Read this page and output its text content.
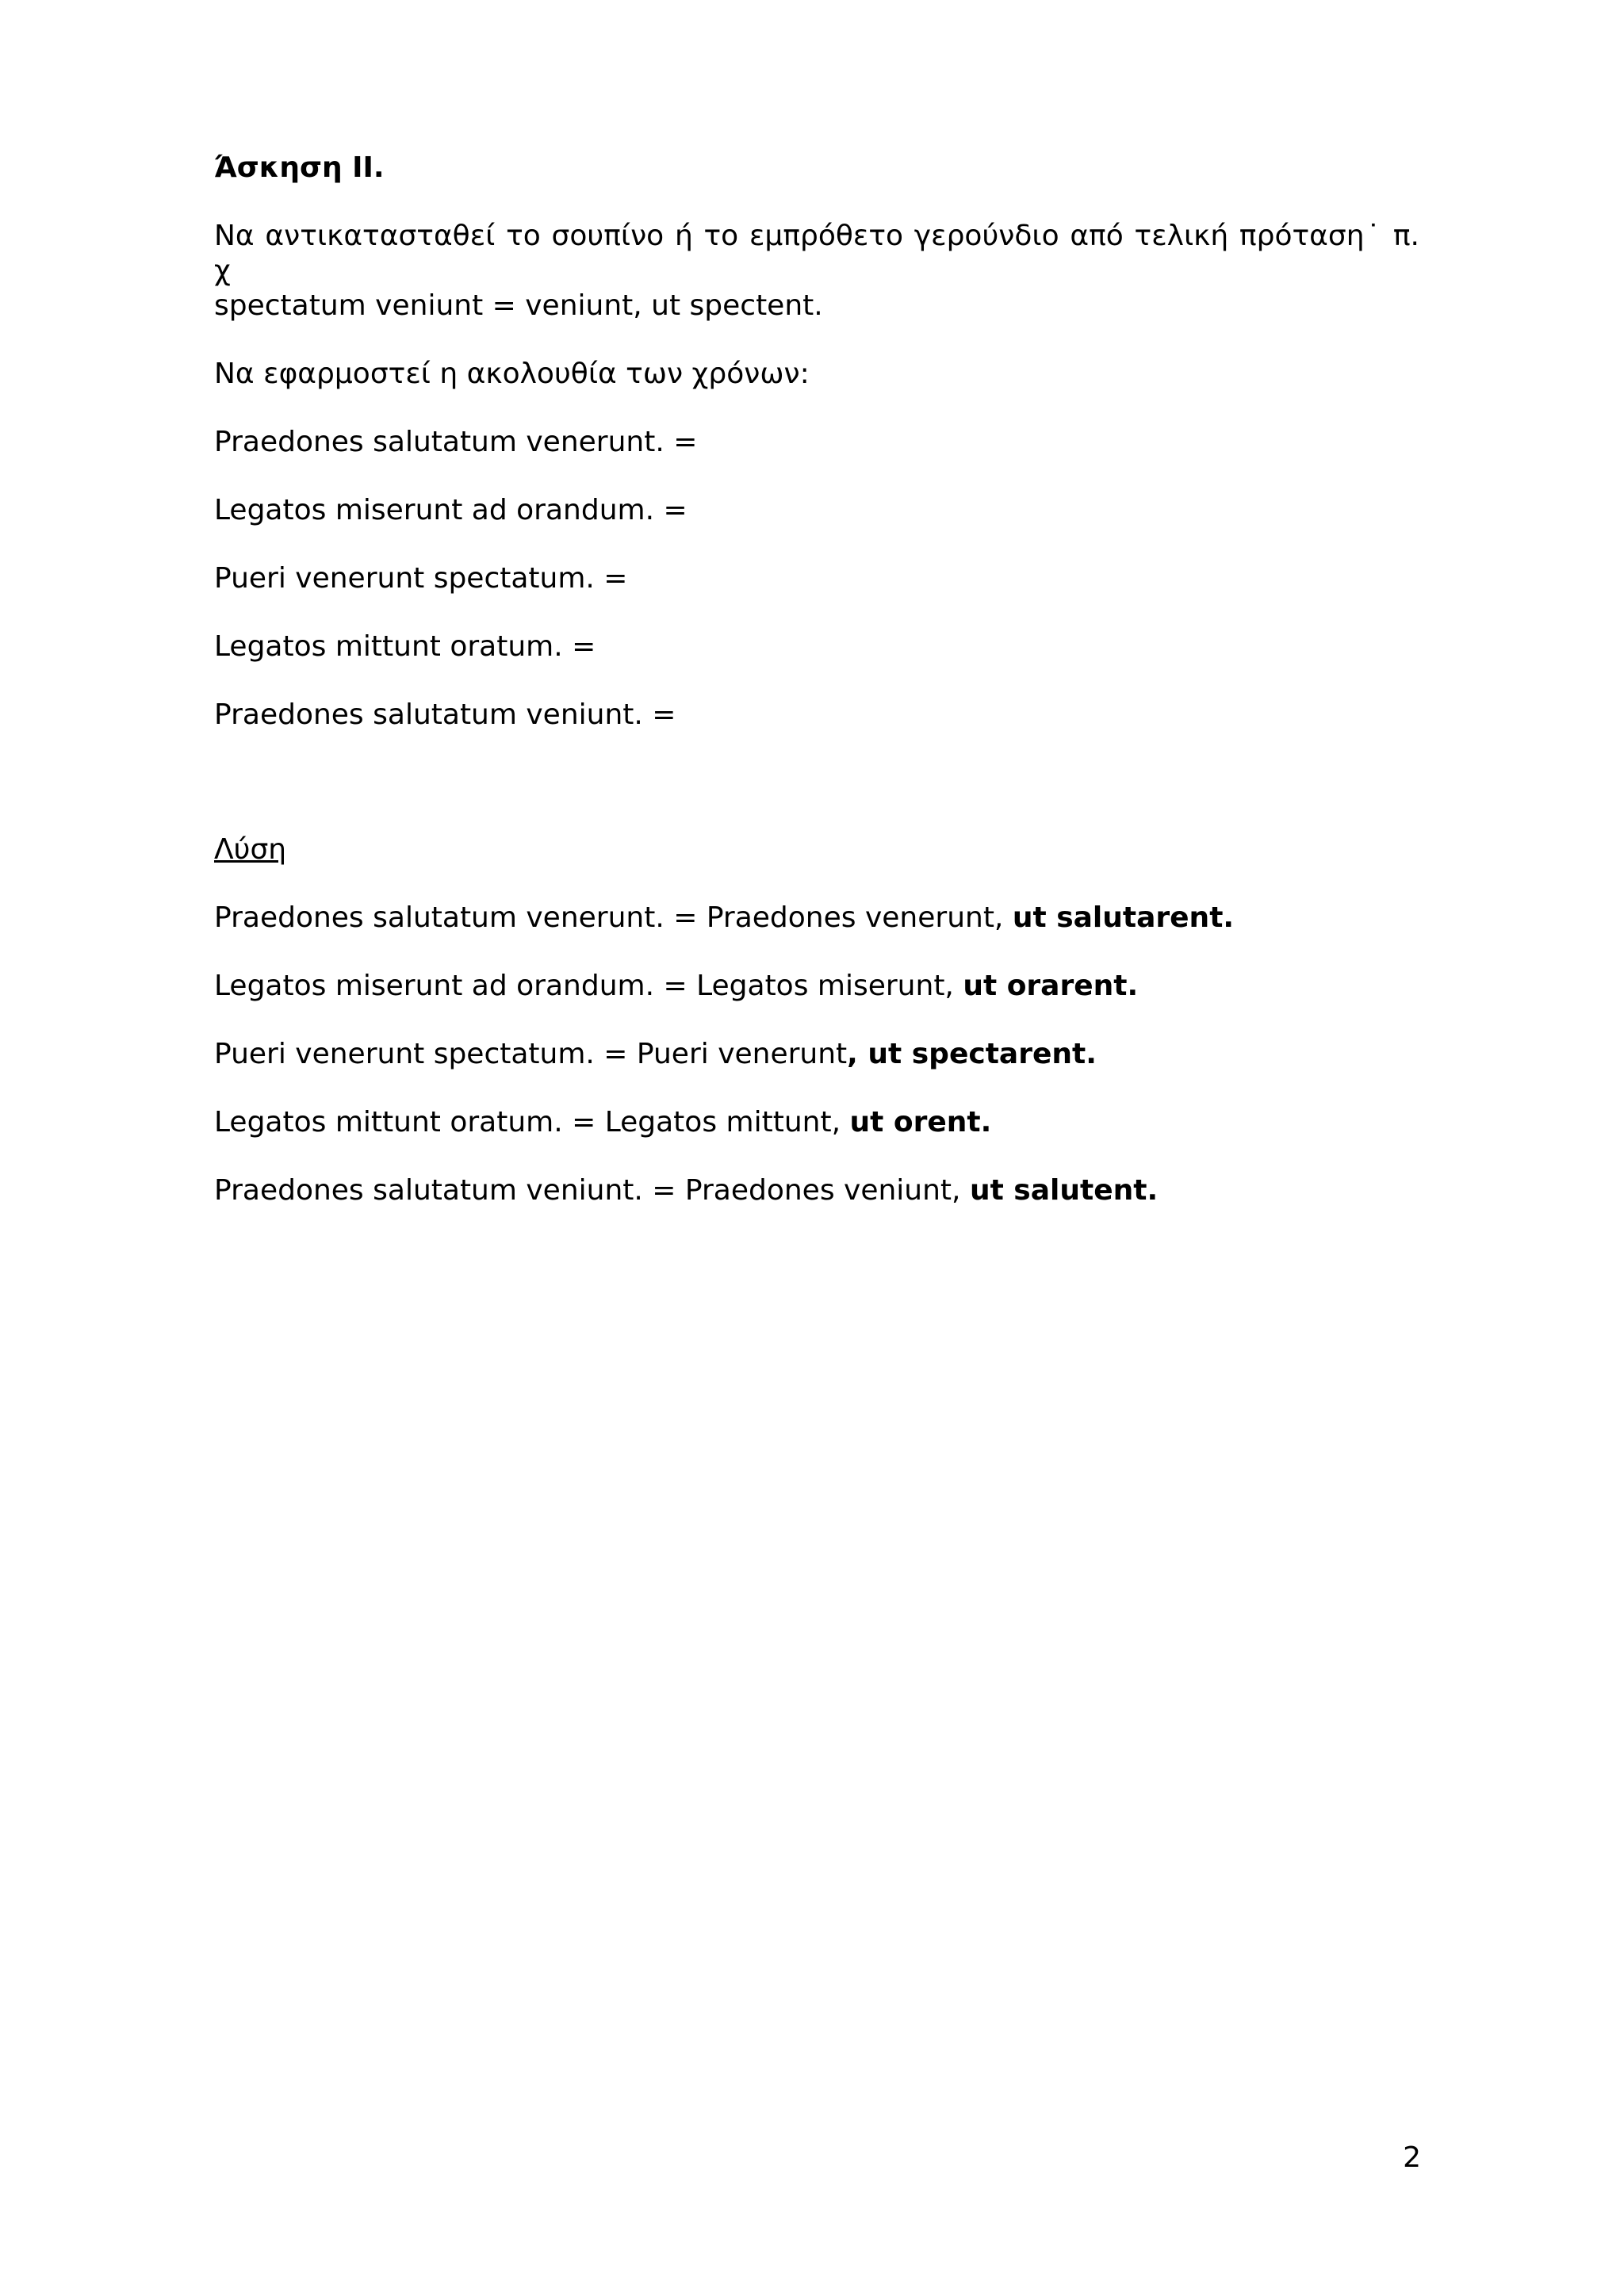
Άσκηση II.
Να αντικατασταθεί το σουπίνο ή το εμπρόθετο γερούνδιο από τελική πρόταση˙ π. χ
spectatum veniunt = veniunt, ut spectent.
Να εφαρμοστεί η ακολουθία των χρόνων:
Praedones salutatum venerunt. =
Legatos miserunt ad orandum. =
Pueri venerunt spectatum. =
Legatos mittunt oratum. =
Praedones salutatum veniunt. =
Λύση
Praedones salutatum venerunt. = Praedones venerunt, ut salutarent.
Legatos miserunt ad orandum. = Legatos miserunt, ut orarent.
Pueri venerunt spectatum. = Pueri venerunt, ut spectarent.
Legatos mittunt oratum. = Legatos mittunt, ut orent.
Praedones salutatum veniunt. = Praedones veniunt, ut salutent.
2
